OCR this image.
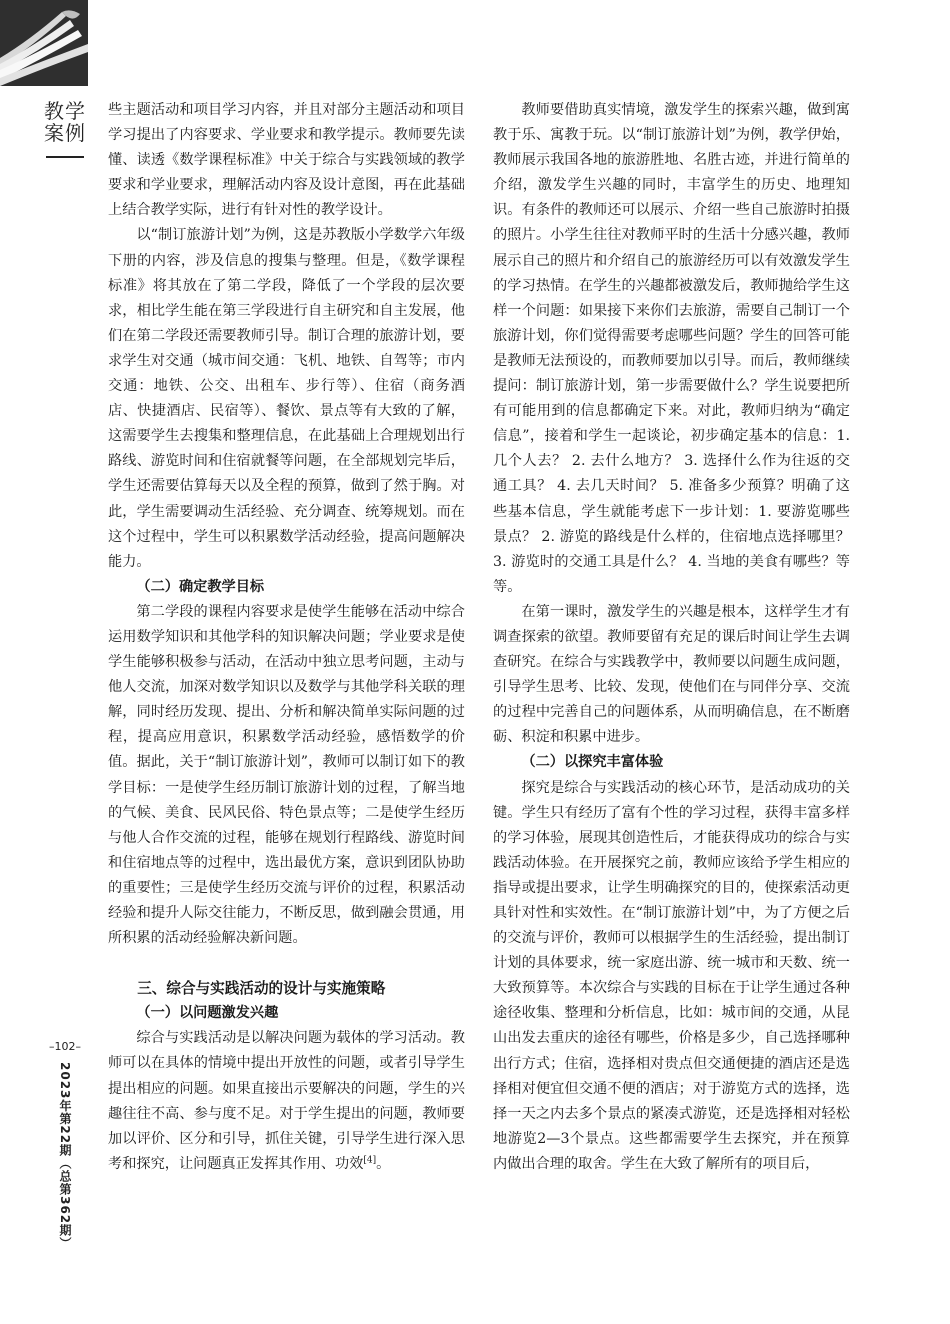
教学案例
–102–
2023年第22期（总第362期）

些主题活动和项目学习内容，并且对部分主题活动和项目学习提出了内容要求、学业要求和教学提示。教师要先读懂、读透《数学课程标准》中关于综合与实践领域的教学要求和学业要求，理解活动内容及设计意图，再在此基础上结合教学实际，进行有针对性的教学设计。

以“制订旅游计划”为例，这是苏教版小学数学六年级下册的内容，涉及信息的搜集与整理。但是，《数学课程标准》将其放在了第二学段，降低了一个学段的层次要求，相比学生能在第三学段进行自主研究和自主发展，他们在第二学段还需要教师引导。制订合理的旅游计划，要求学生对交通（城市间交通：飞机、地铁、自驾等；市内交通：地铁、公交、出租车、步行等）、住宿（商务酒店、快捷酒店、民宿等）、餐饮、景点等有大致的了解，这需要学生去搜集和整理信息，在此基础上合理规划出行路线、游览时间和住宿就餐等问题，在全部规划完毕后，学生还需要估算每天以及全程的预算，做到了然于胸。对此，学生需要调动生活经验、充分调查、统筹规划。而在这个过程中，学生可以积累数学活动经验，提高问题解决能力。

（二）确定教学目标

第二学段的课程内容要求是使学生能够在活动中综合运用数学知识和其他学科的知识解决问题；学业要求是使学生能够积极参与活动，在活动中独立思考问题，主动与他人交流，加深对数学知识以及数学与其他学科关联的理解，同时经历发现、提出、分析和解决简单实际问题的过程，提高应用意识，积累数学活动经验，感悟数学的价值。据此，关于“制订旅游计划”，教师可以制订如下的教学目标：一是使学生经历制订旅游计划的过程，了解当地的气候、美食、民风民俗、特色景点等；二是使学生经历与他人合作交流的过程，能够在规划行程路线、游览时间和住宿地点等的过程中，选出最优方案，意识到团队协助的重要性；三是使学生经历交流与评价的过程，积累活动经验和提升人际交往能力，不断反思，做到融会贯通，用所积累的活动经验解决新问题。

三、综合与实践活动的设计与实施策略
（一）以问题激发兴趣

综合与实践活动是以解决问题为载体的学习活动。教师可以在具体的情境中提出开放性的问题，或者引导学生提出相应的问题。如果直接出示要解决的问题，学生的兴趣往往不高、参与度不足。对于学生提出的问题，教师要加以评价、区分和引导，抓住关键，引导学生进行深入思考和探究，让问题真正发挥其作用、功效[4]。

教师要借助真实情境，激发学生的探索兴趣，做到寓教于乐、寓教于玩。以“制订旅游计划”为例，教学伊始，教师展示我国各地的旅游胜地、名胜古迹，并进行简单的介绍，激发学生兴趣的同时，丰富学生的历史、地理知识。有条件的教师还可以展示、介绍一些自己旅游时拍摄的照片。小学生往往对教师平时的生活十分感兴趣，教师展示自己的照片和介绍自己的旅游经历可以有效激发学生的学习热情。在学生的兴趣都被激发后，教师抛给学生这样一个问题：如果接下来你们去旅游，需要自己制订一个旅游计划，你们觉得需要考虑哪些问题？学生的回答可能是教师无法预设的，而教师要加以引导。而后，教师继续提问：制订旅游计划，第一步需要做什么？学生说要把所有可能用到的信息都确定下来。对此，教师归纳为“确定信息”，接着和学生一起谈论，初步确定基本的信息：1. 几个人去？ 2. 去什么地方？ 3. 选择什么作为往返的交通工具？ 4. 去几天时间？ 5. 准备多少预算？明确了这些基本信息，学生就能考虑下一步计划：1. 要游览哪些景点？ 2. 游览的路线是什么样的，住宿地点选择哪里？ 3. 游览时的交通工具是什么？ 4. 当地的美食有哪些？等等。

在第一课时，激发学生的兴趣是根本，这样学生才有调查探索的欲望。教师要留有充足的课后时间让学生去调查研究。在综合与实践教学中，教师要以问题生成问题，引导学生思考、比较、发现，使他们在与同伴分享、交流的过程中完善自己的问题体系，从而明确信息，在不断磨砺、积淀和积累中进步。

（二）以探究丰富体验

探究是综合与实践活动的核心环节，是活动成功的关键。学生只有经历了富有个性的学习过程，获得丰富多样的学习体验，展现其创造性后，才能获得成功的综合与实践活动体验。在开展探究之前，教师应该给予学生相应的指导或提出要求，让学生明确探究的目的，使探索活动更具针对性和实效性。在“制订旅游计划”中，为了方便之后的交流与评价，教师可以根据学生的生活经验，提出制订计划的具体要求，统一家庭出游、统一城市和天数、统一大致预算等。本次综合与实践的目标在于让学生通过各种途径收集、整理和分析信息，比如：城市间的交通，从昆山出发去重庆的途径有哪些，价格是多少，自己选择哪种出行方式；住宿，选择相对贵点但交通便捷的酒店还是选择相对便宜但交通不便的酒店；对于游览方式的选择，选择一天之内去多个景点的紧凑式游览，还是选择相对轻松地游览2—3个景点。这些都需要学生去探究，并在预算内做出合理的取舍。学生在大致了解所有的项目后，
